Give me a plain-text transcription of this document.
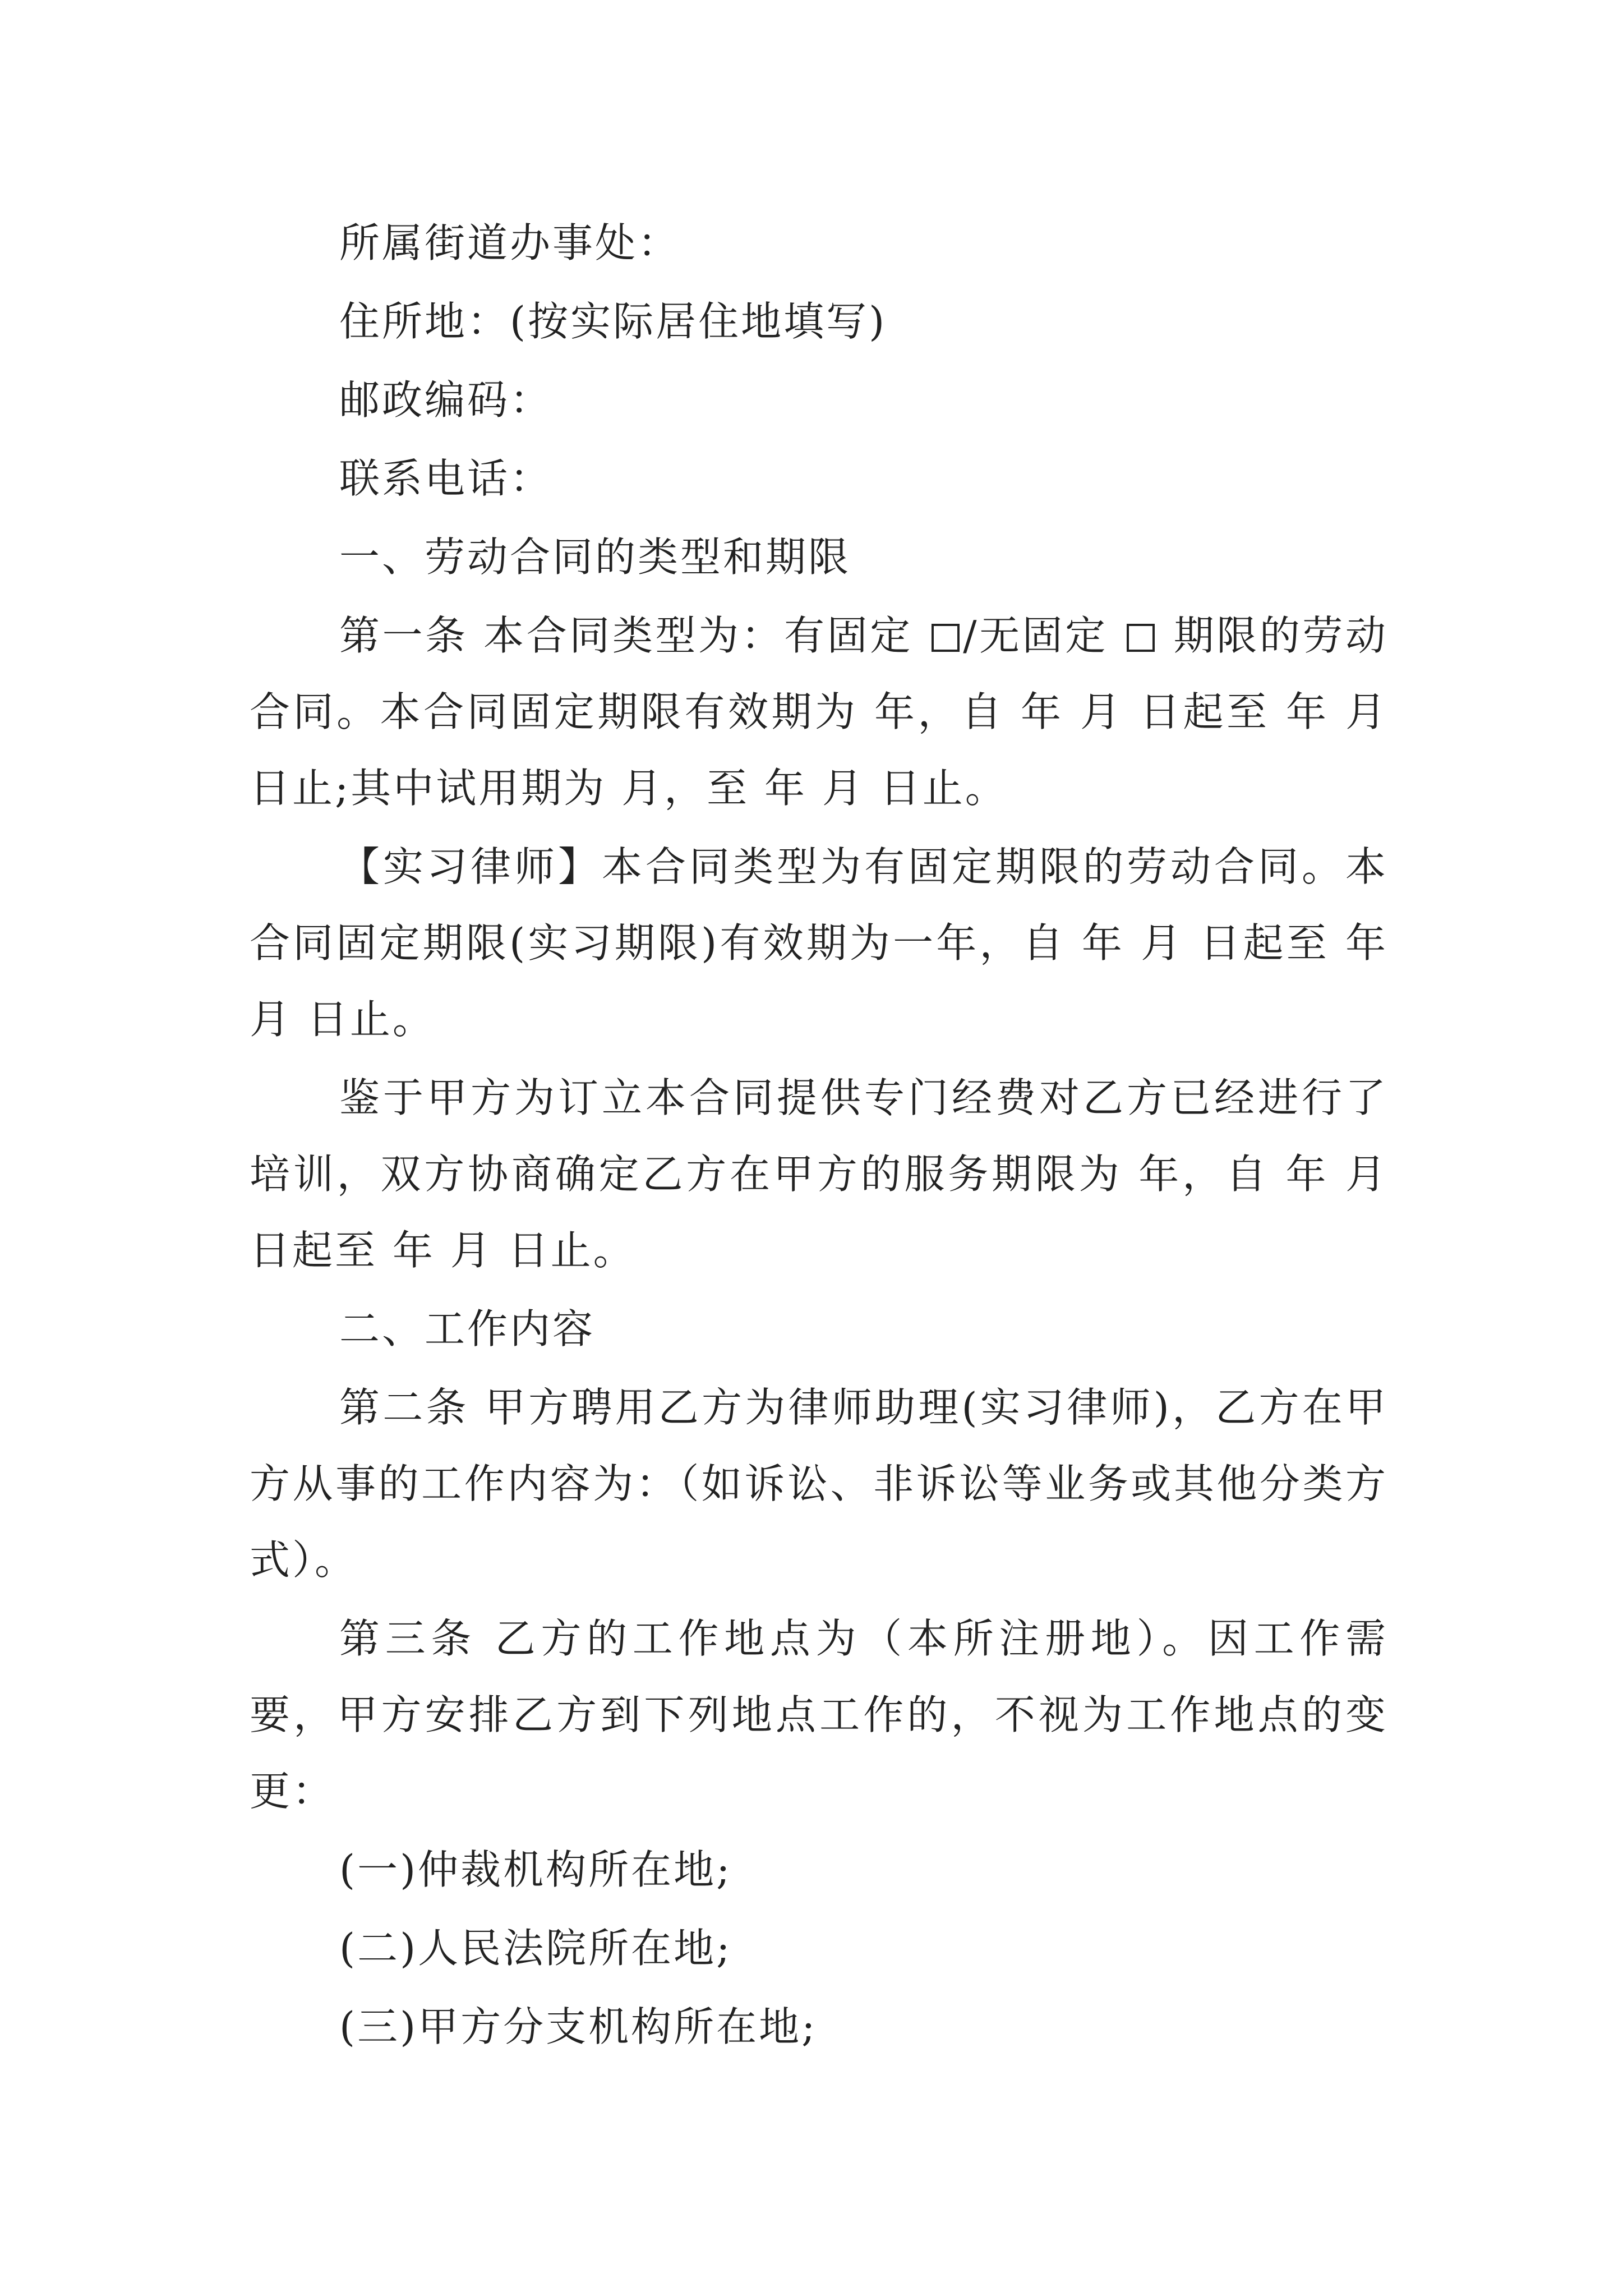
所属街道办事处：

住所地：(按实际居住地填写)

邮政编码：

联系电话：

一、劳动合同的类型和期限

第一条 本合同类型为：有固定 /无固定  期限的劳动合同。本合同固定期限有效期为 年，自 年 月 日起至 年 月 日止;其中试用期为 月，至 年 月 日止。

【实习律师】本合同类型为有固定期限的劳动合同。本合同固定期限(实习期限)有效期为一年，自 年 月 日起至 年 月 日止。

鉴于甲方为订立本合同提供专门经费对乙方已经进行了培训，双方协商确定乙方在甲方的服务期限为 年，自 年 月 日起至 年 月 日止。

二、工作内容

第二条 甲方聘用乙方为律师助理(实习律师)，乙方在甲方从事的工作内容为：（如诉讼、非诉讼等业务或其他分类方式）。

第三条 乙方的工作地点为（本所注册地）。因工作需要，甲方安排乙方到下列地点工作的，不视为工作地点的变更：

(一)仲裁机构所在地;

(二)人民法院所在地;

(三)甲方分支机构所在地;
